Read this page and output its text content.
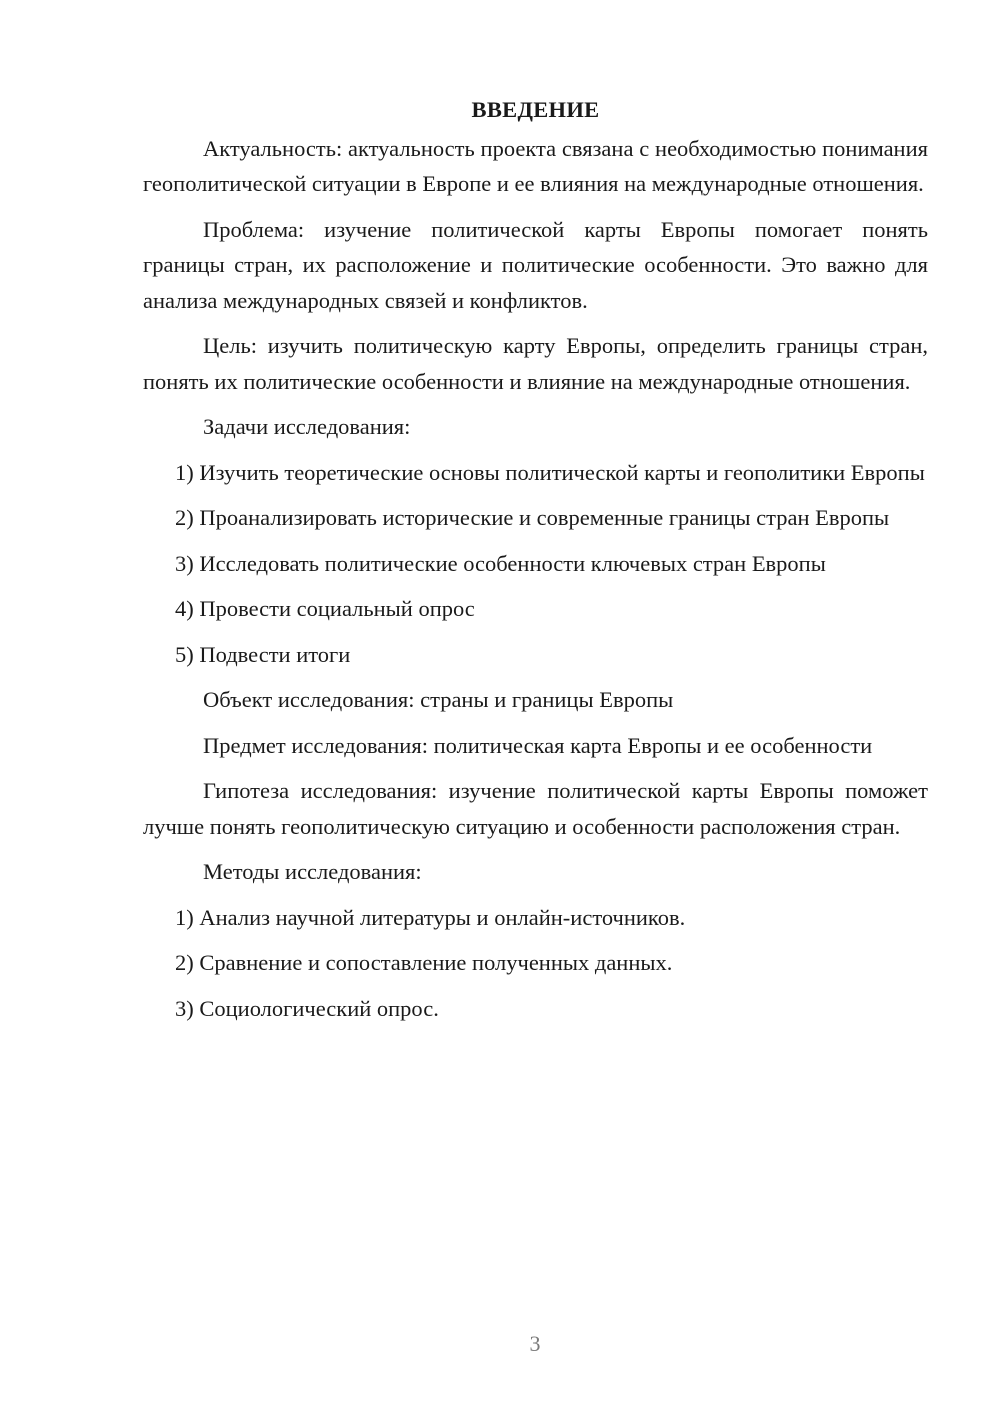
ВВЕДЕНИЕ
Актуальность: актуальность проекта связана с необходимостью понимания геополитической ситуации в Европе и ее влияния на международные отношения.
Проблема: изучение политической карты Европы помогает понять границы стран, их расположение и политические особенности. Это важно для анализа международных связей и конфликтов.
Цель: изучить политическую карту Европы, определить границы стран, понять их политические особенности и влияние на международные отношения.
Задачи исследования:
1) Изучить теоретические основы политической карты и геополитики Европы
2) Проанализировать исторические и современные границы стран Европы
3) Исследовать политические особенности ключевых стран Европы
4) Провести социальный опрос
5) Подвести итоги
Объект исследования: страны и границы Европы
Предмет исследования: политическая карта Европы и ее особенности
Гипотеза исследования: изучение политической карты Европы поможет лучше понять геополитическую ситуацию и особенности расположения стран.
Методы исследования:
1) Анализ научной литературы и онлайн-источников.
2) Сравнение и сопоставление полученных данных.
3) Социологический опрос.
3
